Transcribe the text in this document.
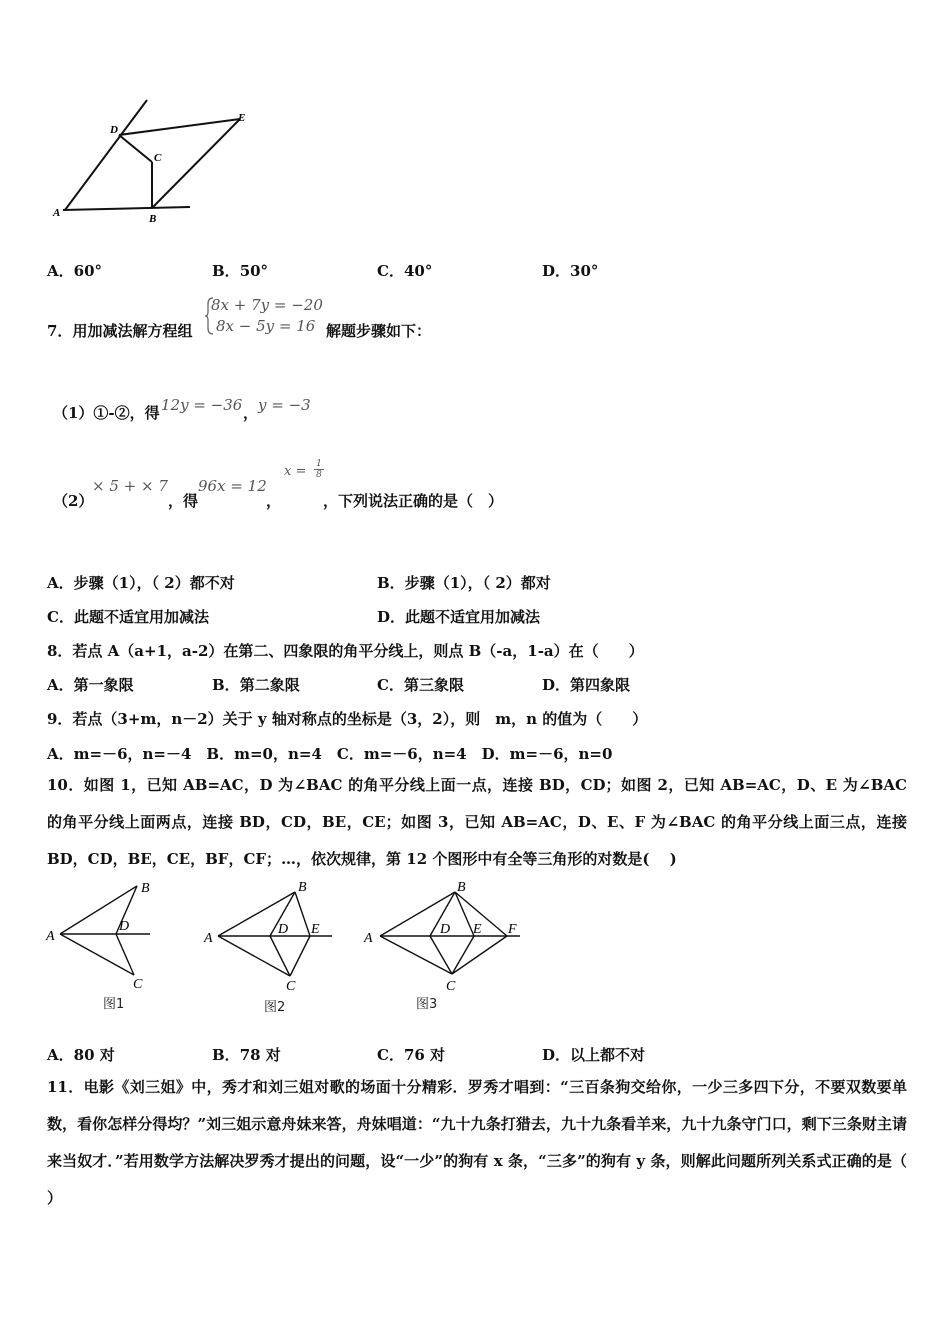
A	B
C
D
E
A．60°	B．50°	C．40°	D．30°
7．用加减法解方程组
8x + 7y = −20
8x − 5y = 16 解题步骤如下：
（1）①-②，得 12y = −36 ， y = −3
（2）
× 5 + × 7
，得
96x = 12
，
$x = \frac{1}{8}$
，下列说法正确的是（　）
A．步骤（1），（ 2）都不对	B．步骤（1），（ 2）都对
C．此题不适宜用加减法	D．此题不适宜用加减法
8．若点 A（a+1，a-2）在第二、四象限的角平分线上，则点 B（-a，1-a）在（　　）
A．第一象限	B．第二象限	C．第三象限	D．第四象限
9．若点（3+m，n－2）关于 y 轴对称点的坐标是（3，2），则　m，n 的值为（　　）
A．m=－6，n=－4　B．m=0，n=4　C．m=－6，n=4　D．m=－6，n=0
10．如图 1，已知 AB=AC，D 为∠BAC 的角平分线上面一点，连接 BD，CD；如图 2，已知 AB=AC，D、E 为∠BAC 的角平分线上面两点，连接 BD，CD，BE，CE；如图 3，已知 AB=AC，D、E、F 为∠BAC 的角平分线上面三点，连接 BD，CD，BE，CE，BF，CF；…，依次规律，第 12 个图形中有全等三角形的对数是(　 )
A
B
D
C
图1
A
B
D E
C
图2
A
B
D E F
C
图3
A．80 对	B．78 对	C．76 对	D．以上都不对
11．电影《刘三姐》中，秀才和刘三姐对歌的场面十分精彩．罗秀才唱到：“三百条狗交给你，一少三多四下分，不要双数要单数，看你怎样分得均？”刘三姐示意舟妹来答，舟妹唱道：“九十九条打猎去，九十九条看羊来，九十九条守门口，剩下三条财主请来当奴才．”若用数学方法解决罗秀才提出的问题，设“一少”的狗有 x 条，“三多”的狗有 y 条，则解此问题所列关系式正确的是（ ）
